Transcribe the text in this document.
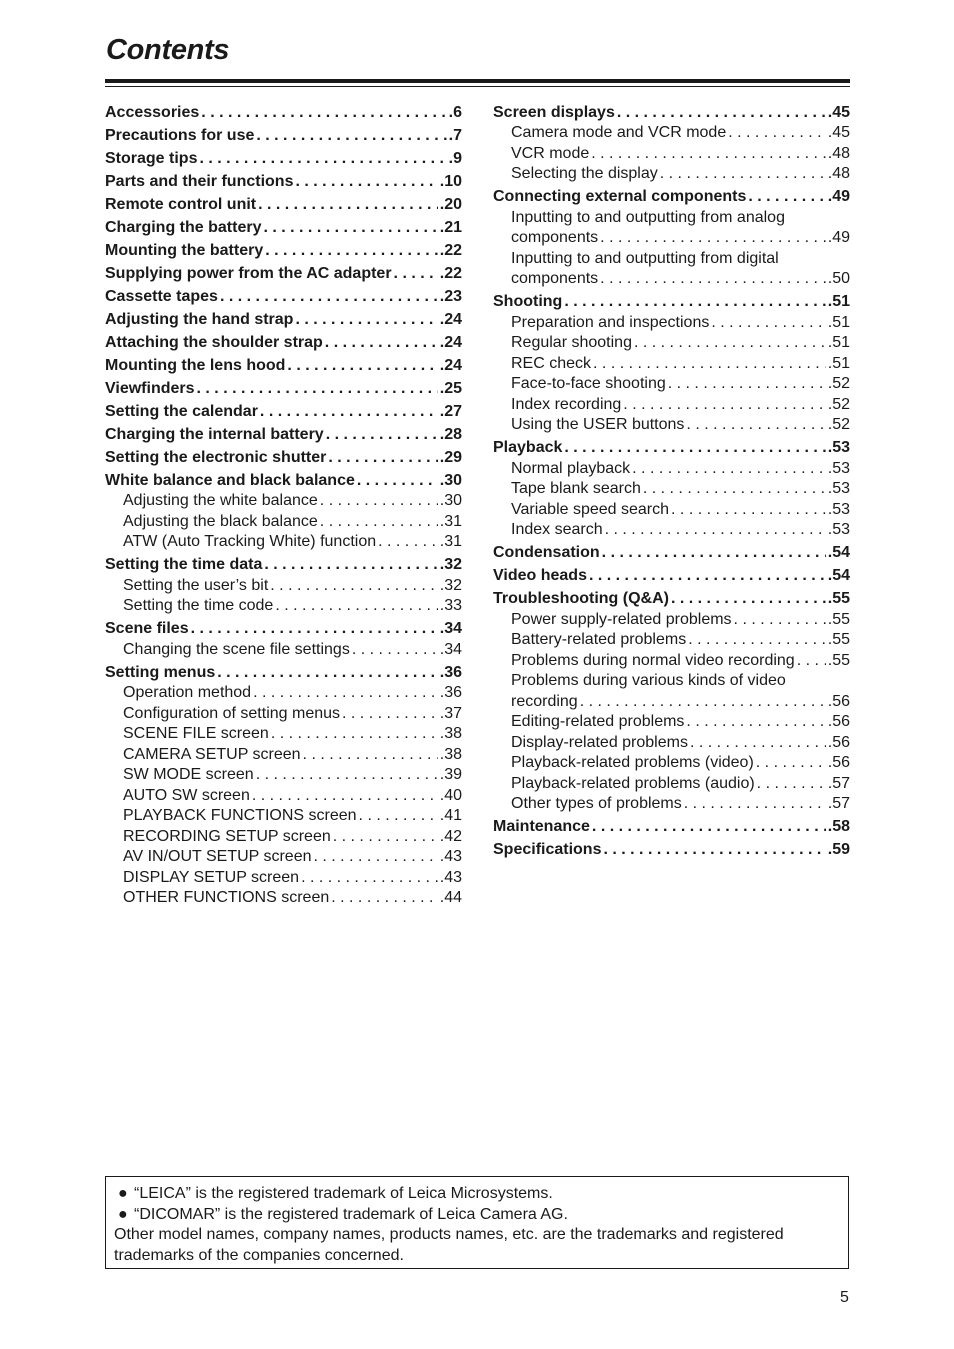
Contents
Accessories . . .	.6
Precautions for use . . .	.7
Storage tips . . .	.9
Parts and their functions . . .	.10
Remote control unit . . .	.20
Charging the battery . . .	.21
Mounting the battery . . .	.22
Supplying power from the AC adapter . . .	.22
Cassette tapes . . .	.23
Adjusting the hand strap . . .	.24
Attaching the shoulder strap . . .	.24
Mounting the lens hood . . .	.24
Viewfinders . . .	.25
Setting the calendar . . .	.27
Charging the internal battery . . .	.28
Setting the electronic shutter . . .	.29
White balance and black balance . . .	.30
Adjusting the white balance . . .	.30
Adjusting the black balance . . .	.31
ATW (Auto Tracking White) function . . .	.31
Setting the time data . . .	.32
Setting the user’s bit . . .	.32
Setting the time code . . .	.33
Scene files . . .	.34
Changing the scene file settings . . .	.34
Setting menus . . .	.36
Operation method . . .	.36
Configuration of setting menus . . .	.37
SCENE FILE screen . . .	.38
CAMERA SETUP screen . . .	.38
SW MODE screen . . .	.39
AUTO SW screen . . .	.40
PLAYBACK FUNCTIONS screen . . .	.41
RECORDING SETUP screen . . .	.42
AV IN/OUT SETUP screen . . .	.43
DISPLAY SETUP screen . . .	.43
OTHER FUNCTIONS screen . . .	.44
Screen displays . . .	.45
Camera mode and VCR mode . . .	.45
VCR mode . . .	.48
Selecting the display . . .	.48
Connecting external components . . .	.49
Inputting to and outputting from analog
components . . .	.49
Inputting to and outputting from digital
components . . .	.50
Shooting . . .	.51
Preparation and inspections . . .	.51
Regular shooting . . .	.51
REC check . . .	.51
Face-to-face shooting . . .	.52
Index recording . . .	.52
Using the USER buttons . . .	.52
Playback . . .	.53
Normal playback . . .	.53
Tape blank search . . .	.53
Variable speed search . . .	.53
Index search . . .	.53
Condensation . . .	.54
Video heads . . .	.54
Troubleshooting (Q&A) . . .	.55
Power supply-related problems . . .	.55
Battery-related problems . . .	.55
Problems during normal video recording . . . .55
Problems during various kinds of video
recording . . .	.56
Editing-related problems . . .	.56
Display-related problems . . .	.56
Playback-related problems (video) . . .	.56
Playback-related problems (audio) . . .	.57
Other types of problems . . .	.57
Maintenance . . .	.58
Specifications . . .	.59
● “LEICA” is the registered trademark of Leica Microsystems.
● “DICOMAR” is the registered trademark of Leica Camera AG.
Other model names, company names, products names, etc. are the trademarks and registered trademarks of the companies concerned.
5
